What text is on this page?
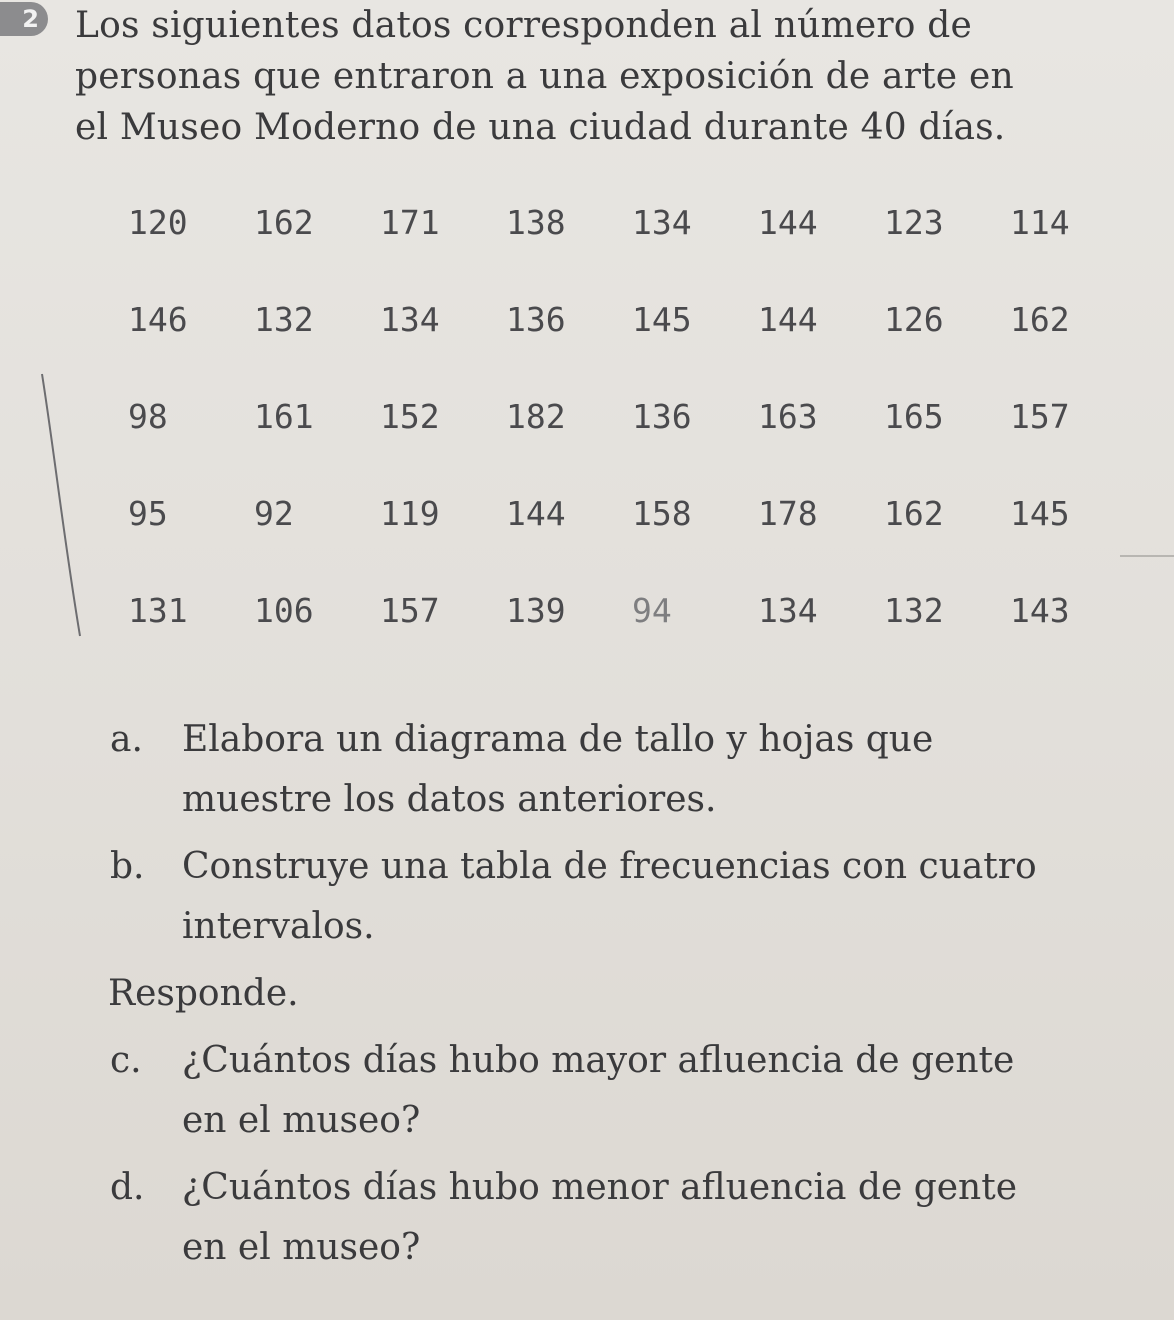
2 Los siguientes datos corresponden al número de
personas que entraron a una exposición de arte en
el Museo Moderno de una ciudad durante 40 días.

120	162	171	138	134	144	123	114
146	132	134	136	145	144	126	162
98	161	152	182	136	163	165	157
95	92	119	144	158	178	162	145
131	106	157	139	94	134	132	143
a. Elabora un diagrama de tallo y hojas que
muestre los datos anteriores.
b. Construye una tabla de frecuencias con cuatro
intervalos.

Responde.

c. ¿Cuántos días hubo mayor afluencia de gente
en el museo?
d. ¿Cuántos días hubo menor afluencia de gente
en el museo?
